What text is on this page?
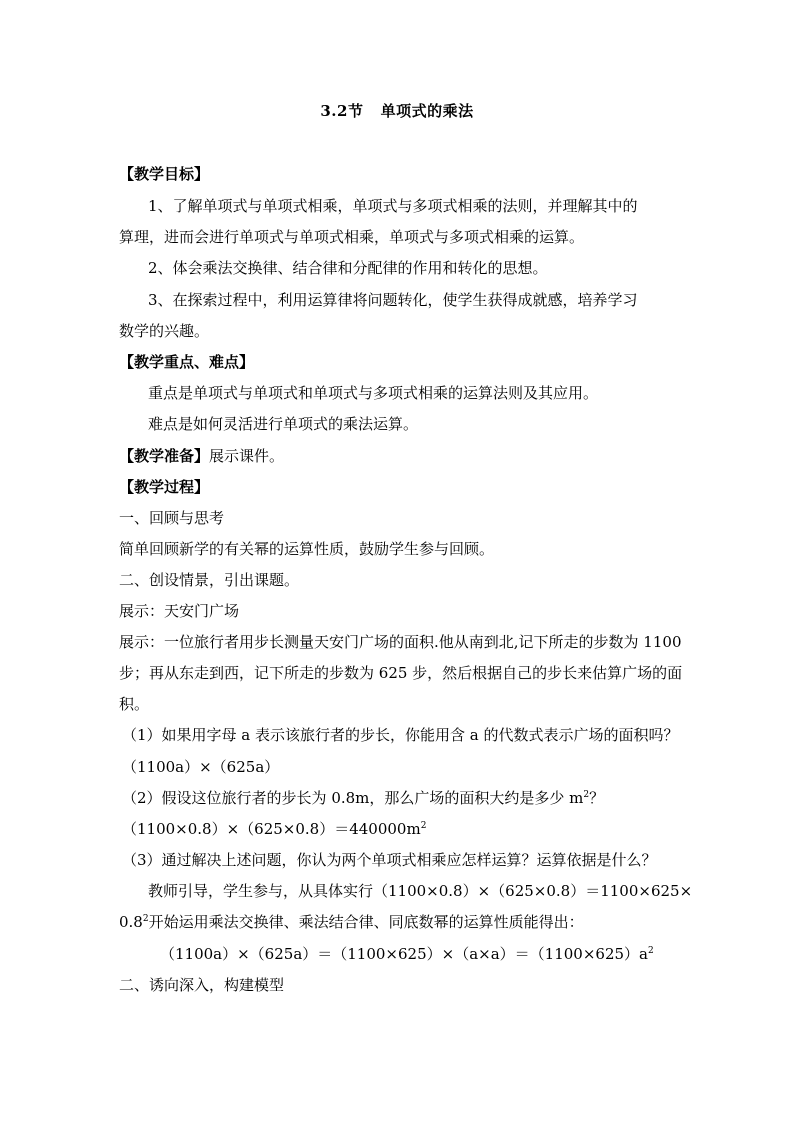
3.2节   单项式的乘法
【教学目标】
1、了解单项式与单项式相乘，单项式与多项式相乘的法则，并理解其中的
算理，进而会进行单项式与单项式相乘，单项式与多项式相乘的运算。
2、体会乘法交换律、结合律和分配律的作用和转化的思想。
3、在探索过程中，利用运算律将问题转化，使学生获得成就感，培养学习
数学的兴趣。
【教学重点、难点】
重点是单项式与单项式和单项式与多项式相乘的运算法则及其应用。
难点是如何灵活进行单项式的乘法运算。
【教学准备】展示课件。
【教学过程】
一、回顾与思考
简单回顾新学的有关幂的运算性质，鼓励学生参与回顾。
二、创设情景，引出课题。
展示：天安门广场
展示：一位旅行者用步长测量天安门广场的面积.他从南到北,记下所走的步数为 1100
步；再从东走到西，记下所走的步数为 625 步，然后根据自己的步长来估算广场的面
积。
（1）如果用字母 a 表示该旅行者的步长，你能用含 a 的代数式表示广场的面积吗？
（1100a）×（625a）
（2）假设这位旅行者的步长为 0.8m，那么广场的面积大约是多少 $m^2$？
$(1100\times 0.8)\times(625\times 0.8)=440000m^2$
（3）通过解决上述问题，你认为两个单项式相乘应怎样运算？运算依据是什么？
教师引导，学生参与，从具体实行（1100×0.8）×（625×0.8）＝1100×625×
$0.8^2$开始运用乘法交换律、乘法结合律、同底数幂的运算性质能得出：
$(1100a)\times(625a)=(1100\times 625)\times(a\times a)=(1100\times 625)a^2$
二、诱向深入，构建模型
